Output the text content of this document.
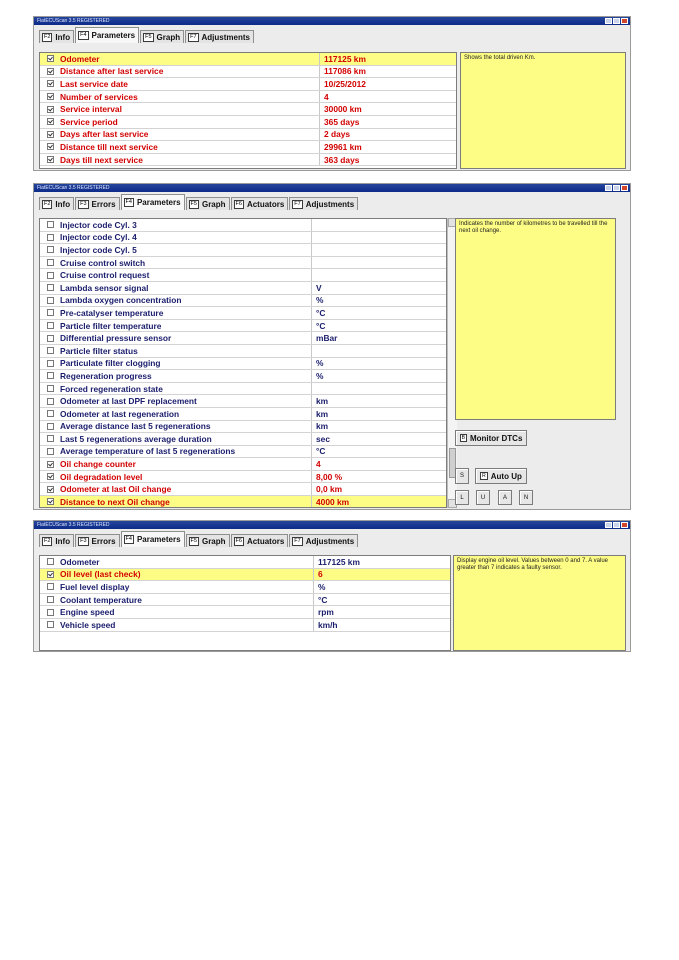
FiatECUScan 3.5 REGISTERED
F2 Info	F4 Parameters	F5 Graph	F7 Adjustments
Odometer	117125 km
Distance after last service	117086 km
Last service date	10/25/2012
Number of services	4
Service interval	30000 km
Service period	365 days
Days after last service	2 days
Distance till next service	29961 km
Days till next service	363 days
Shows the total driven Km.
FiatECUScan 3.5 REGISTERED
F2 Info	F3 Errors	F4 Parameters	F5 Graph	F6 Actuators	F7 Adjustments
Injector code Cyl. 3
Injector code Cyl. 4
Injector code Cyl. 5
Cruise control switch
Cruise control request
Lambda sensor signal	V
Lambda oxygen concentration	%
Pre-catalyser temperature	°C
Particle filter temperature	°C
Differential pressure sensor	mBar
Particle filter status
Particulate filter clogging	%
Regeneration progress	%
Forced regeneration state
Odometer at last DPF replacement	km
Odometer at last regeneration	km
Average distance last 5 regenerations	km
Last 5 regenerations average duration	sec
Average temperature of last 5 regenerations	°C
Oil change counter	4
Oil degradation level	8,00 %
Odometer at last Oil change	0,0 km
Distance to next Oil change	4000 km
Indicates the number of kilometres to be travelled till the next oil change.
B Monitor DTCs
S	R Auto Up
L	U	A	N
FiatECUScan 3.5 REGISTERED
F2 Info	F3 Errors	F4 Parameters	F5 Graph	F6 Actuators	F7 Adjustments
Odometer	117125 km
Oil level (last check)	6
Fuel level display	%
Coolant temperature	°C
Engine speed	rpm
Vehicle speed	km/h
Display engine oil level. Values between 0 and 7. A value greater than 7 indicates a faulty sensor.
